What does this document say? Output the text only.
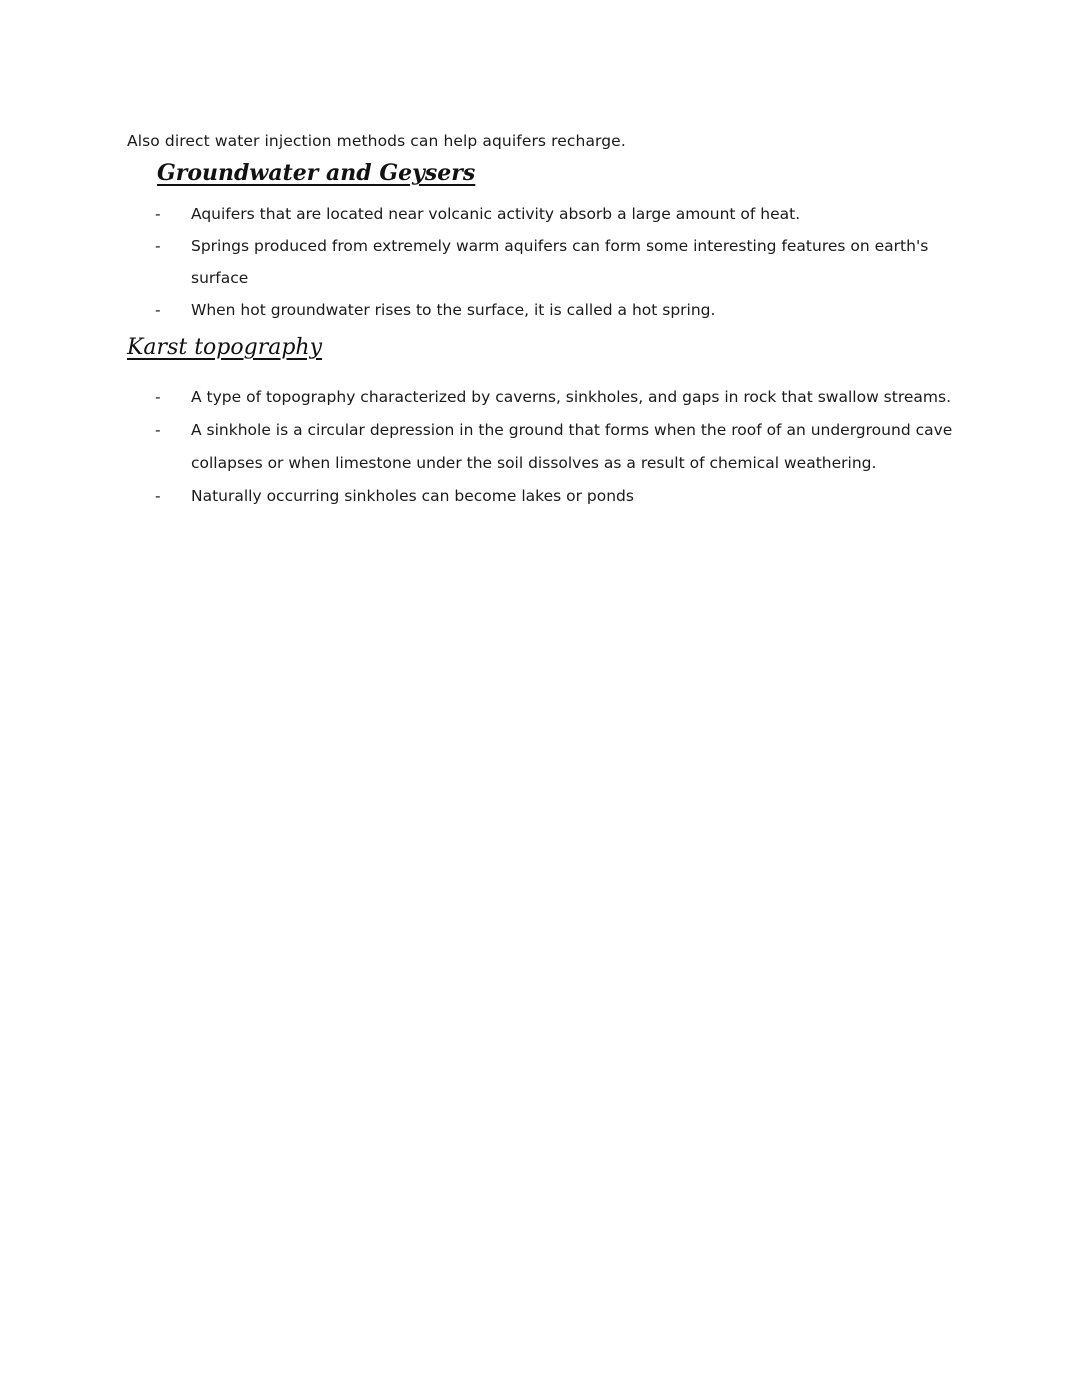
Also direct water injection methods can help aquifers recharge.
Groundwater and Geysers
-	Aquifers that are located near volcanic activity absorb a large amount of heat.
-	Springs produced from extremely warm aquifers can form some interesting features on earth's surface
-	When hot groundwater rises to the surface, it is called a hot spring.
Karst topography
-	A type of topography characterized by caverns, sinkholes, and gaps in rock that swallow streams.
-	A sinkhole is a circular depression in the ground that forms when the roof of an underground cave collapses or when limestone under the soil dissolves as a result of chemical weathering.
-	Naturally occurring sinkholes can become lakes or ponds
